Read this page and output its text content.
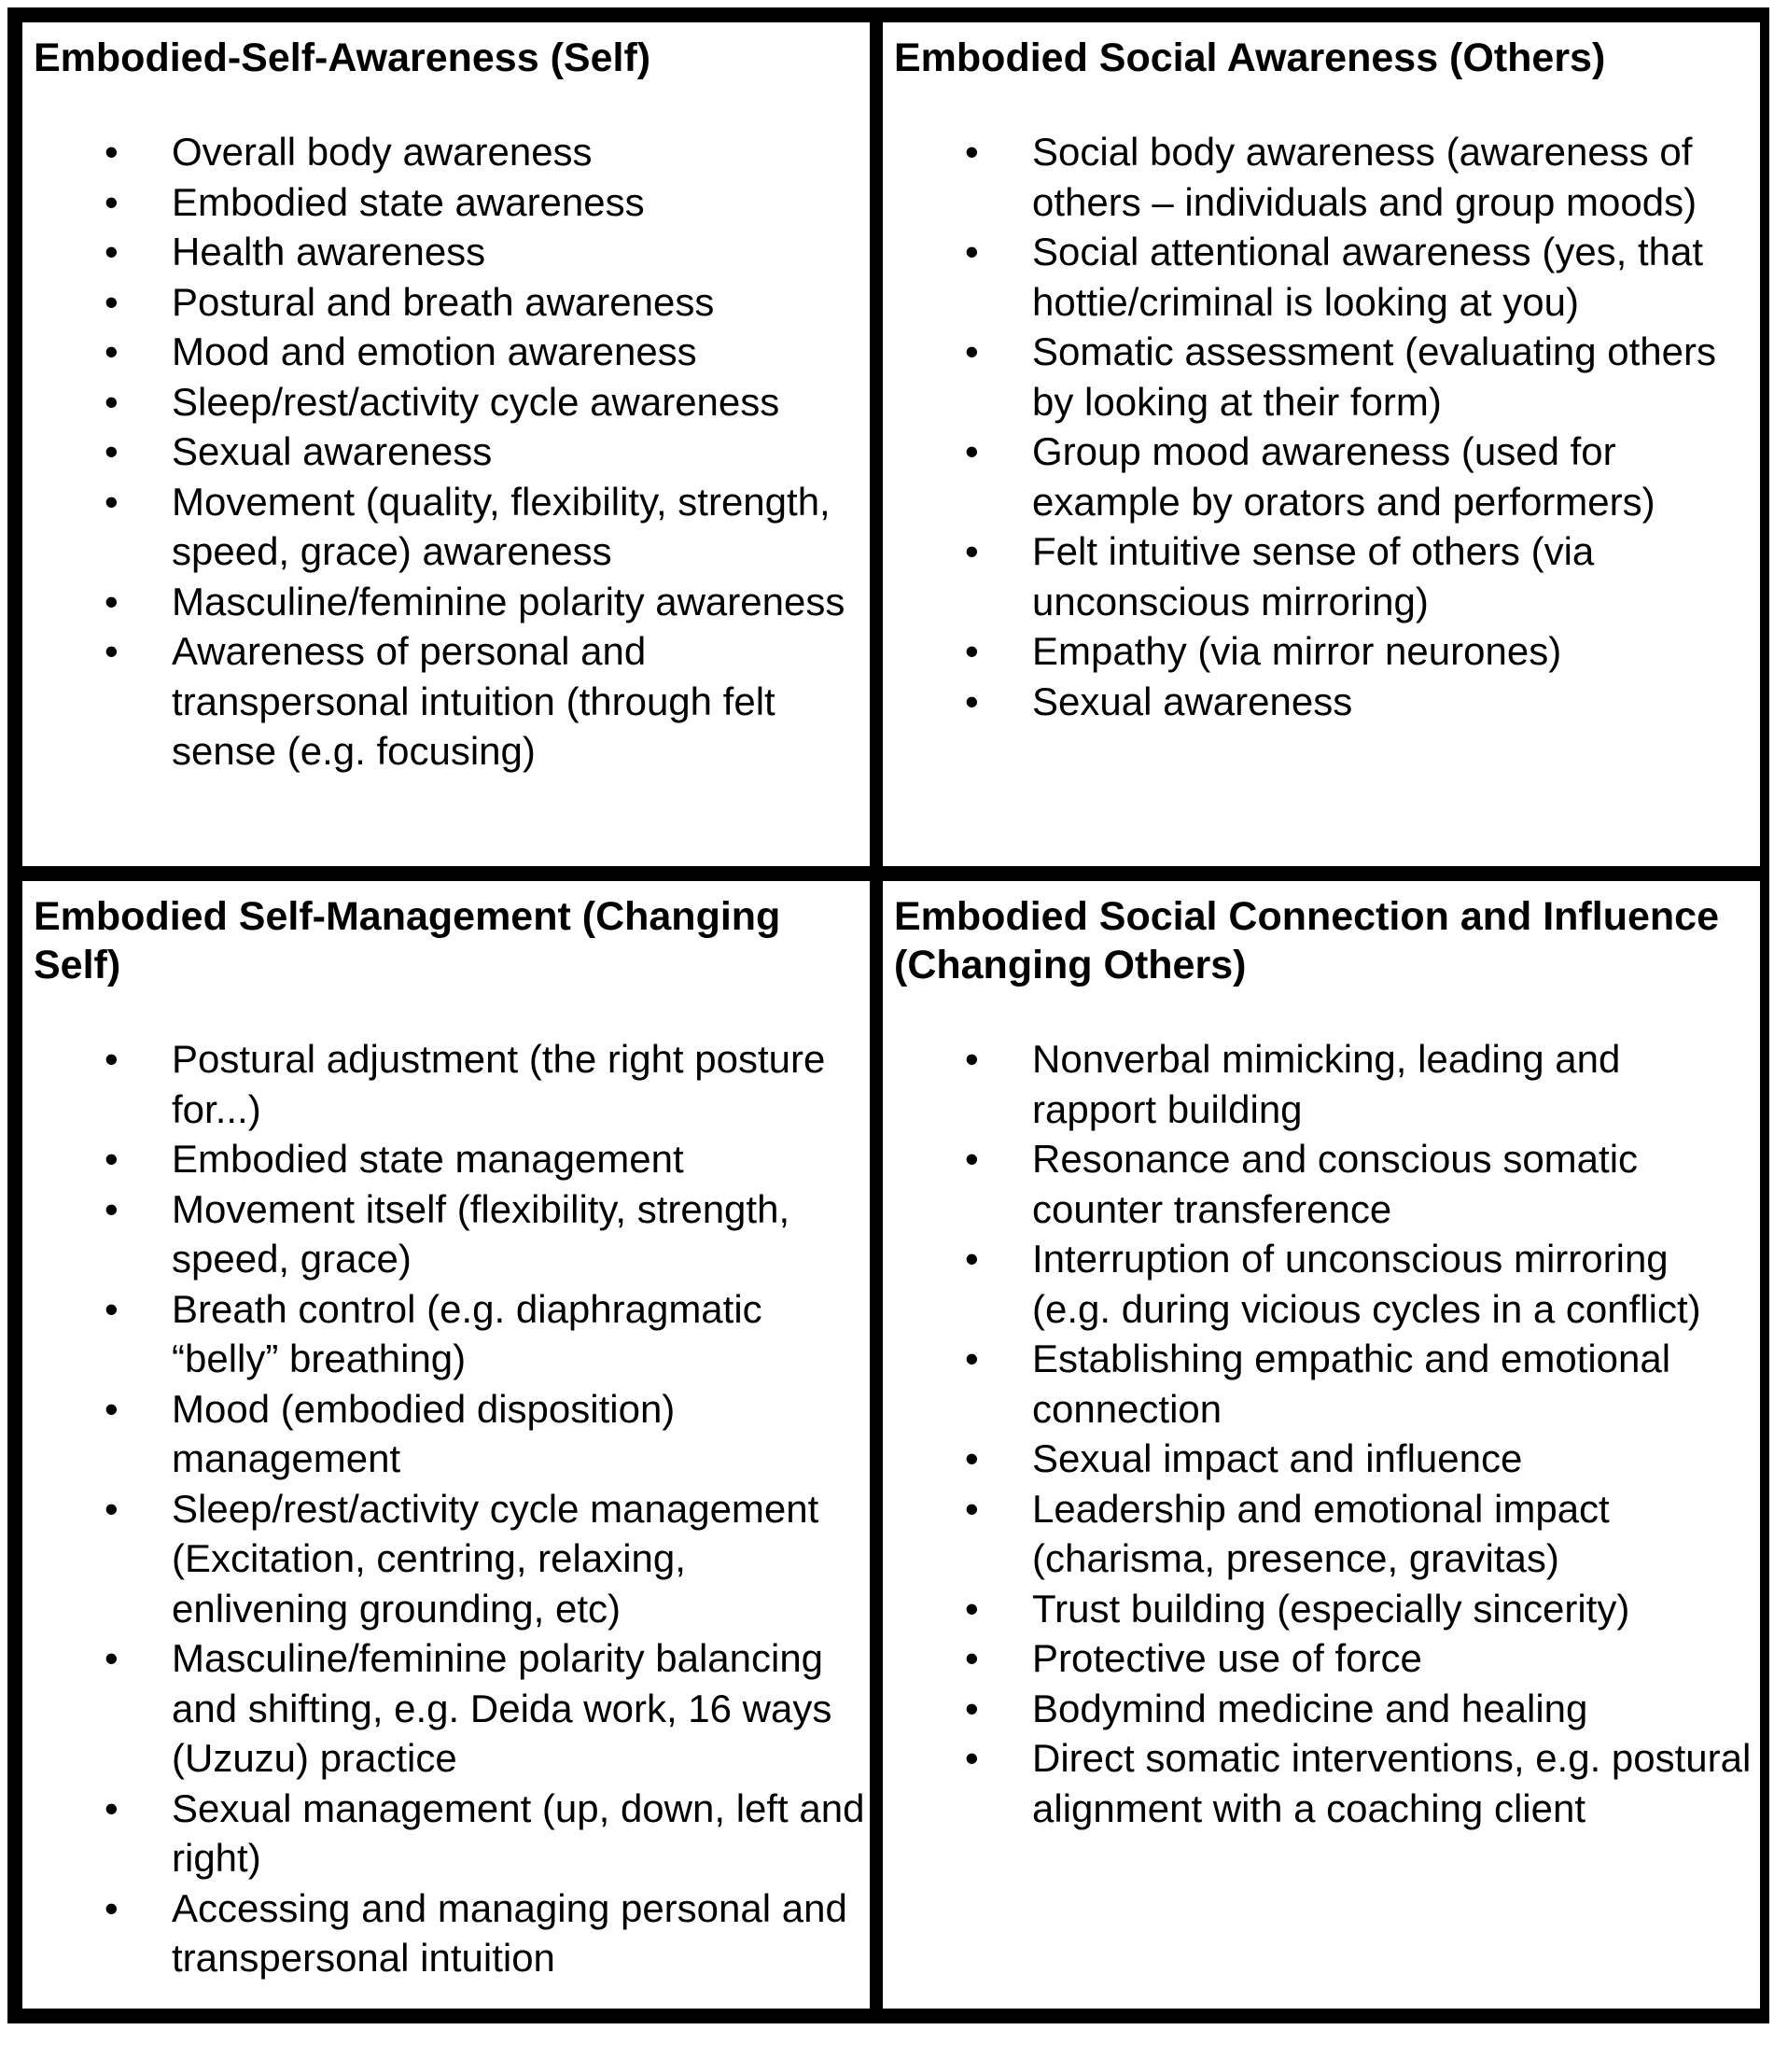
Embodied-Self-Awareness (Self)
• Overall body awareness
• Embodied state awareness
• Health awareness
• Postural and breath awareness
• Mood and emotion awareness
• Sleep/rest/activity cycle awareness
• Sexual awareness
• Movement (quality, flexibility, strength, speed, grace) awareness
• Masculine/feminine polarity awareness
• Awareness of personal and transpersonal intuition (through felt sense (e.g. focusing)
Embodied Social Awareness (Others)
• Social body awareness (awareness of others – individuals and group moods)
• Social attentional awareness (yes, that hottie/criminal is looking at you)
• Somatic assessment (evaluating others by looking at their form)
• Group mood awareness (used for example by orators and performers)
• Felt intuitive sense of others (via unconscious mirroring)
• Empathy (via mirror neurones)
• Sexual awareness
Embodied Self-Management (Changing Self)
• Postural adjustment (the right posture for...)
• Embodied state management
• Movement itself (flexibility, strength, speed, grace)
• Breath control (e.g. diaphragmatic “belly” breathing)
• Mood (embodied disposition) management
• Sleep/rest/activity cycle management (Excitation, centring, relaxing, enlivening grounding, etc)
• Masculine/feminine polarity balancing and shifting, e.g. Deida work, 16 ways (Uzuzu) practice
• Sexual management (up, down, left and right)
• Accessing and managing personal and transpersonal intuition
Embodied Social Connection and Influence (Changing Others)
• Nonverbal mimicking, leading and rapport building
• Resonance and conscious somatic counter transference
• Interruption of unconscious mirroring (e.g. during vicious cycles in a conflict)
• Establishing empathic and emotional connection
• Sexual impact and influence
• Leadership and emotional impact (charisma, presence, gravitas)
• Trust building (especially sincerity)
• Protective use of force
• Bodymind medicine and healing
• Direct somatic interventions, e.g. postural alignment with a coaching client
